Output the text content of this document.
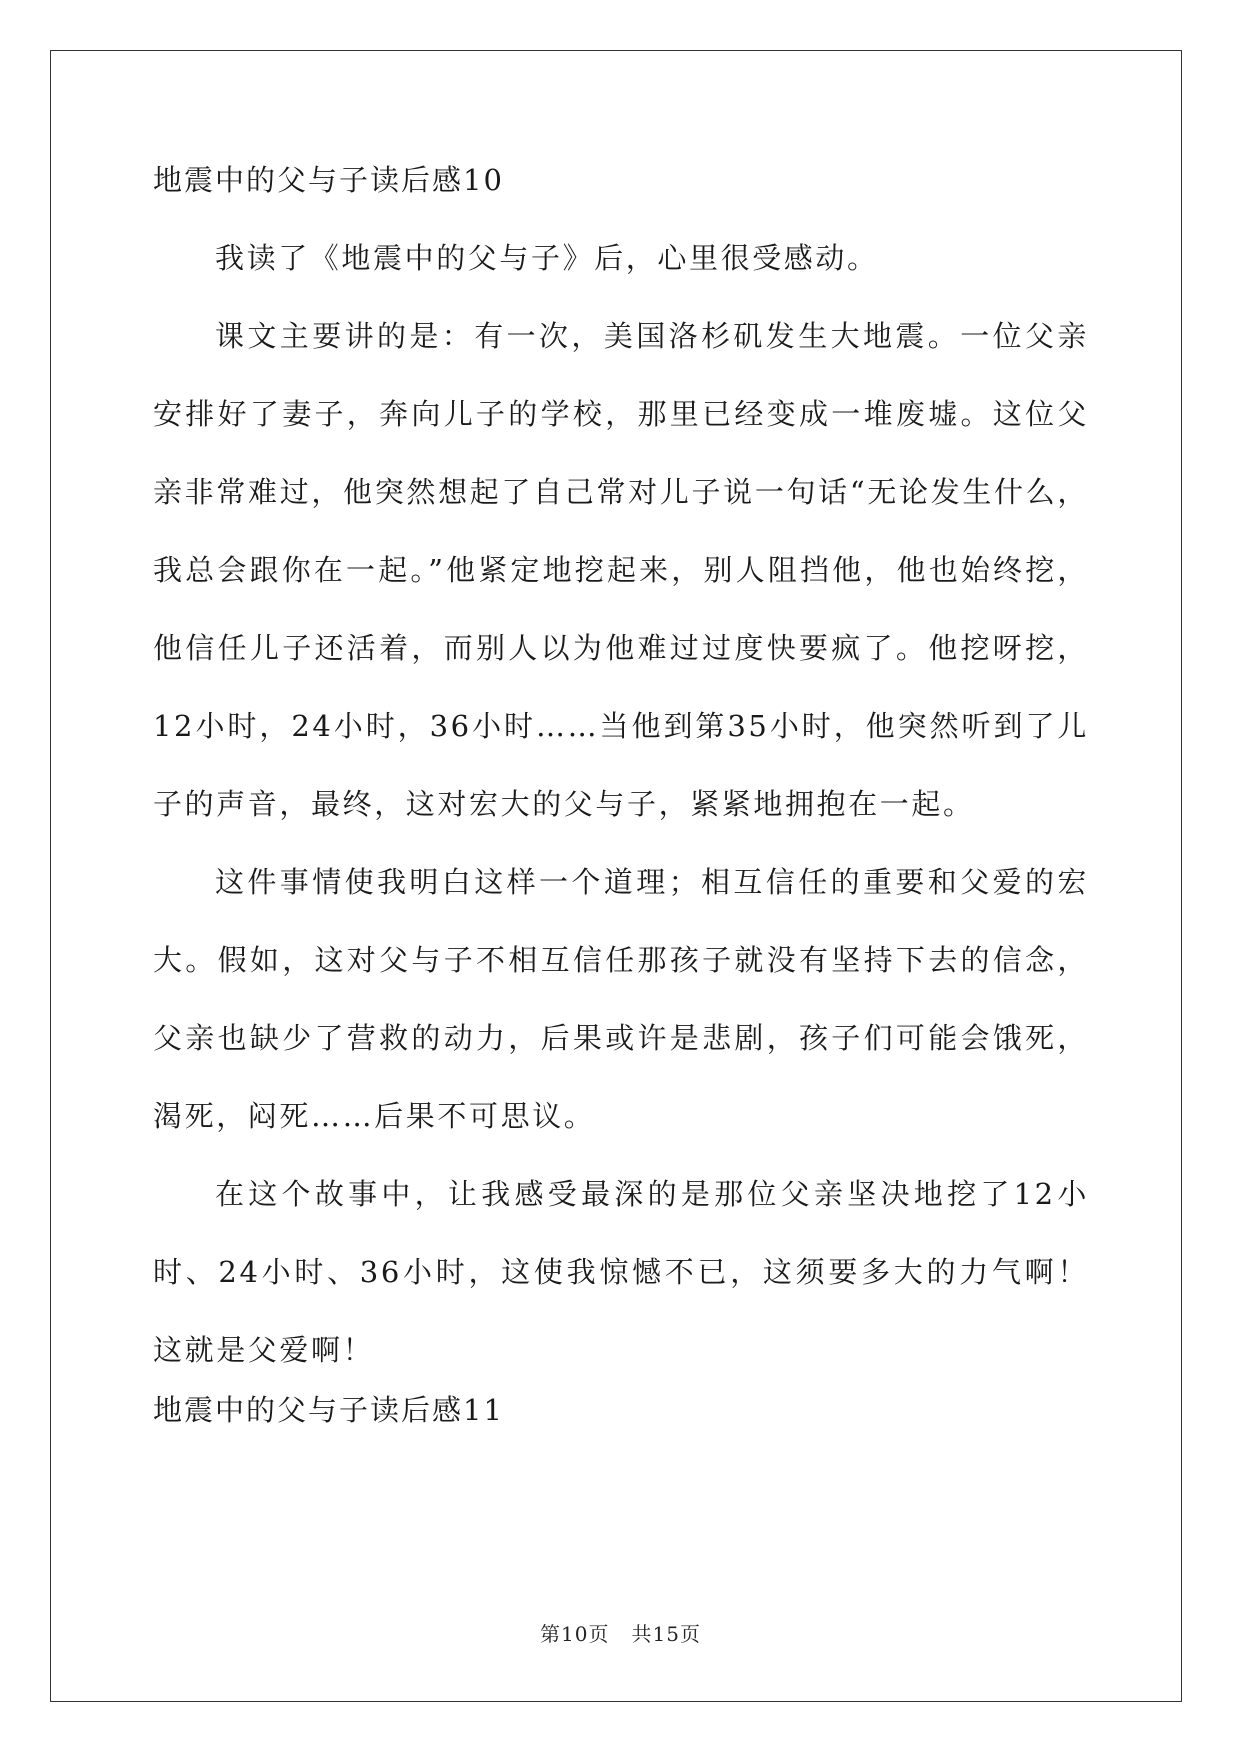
地震中的父与子读后感10

我读了《地震中的父与子》后，心里很受感动。

课文主要讲的是：有一次，美国洛杉矶发生大地震。一位父亲安排好了妻子，奔向儿子的学校，那里已经变成一堆废墟。这位父亲非常难过，他突然想起了自己常对儿子说一句话“无论发生什么，我总会跟你在一起。”他紧定地挖起来，别人阻挡他，他也始终挖，他信任儿子还活着，而别人以为他难过过度快要疯了。他挖呀挖，12小时，24小时，36小时……当他到第35小时，他突然听到了儿子的声音，最终，这对宏大的父与子，紧紧地拥抱在一起。

这件事情使我明白这样一个道理；相互信任的重要和父爱的宏大。假如，这对父与子不相互信任那孩子就没有坚持下去的信念，父亲也缺少了营救的动力，后果或许是悲剧，孩子们可能会饿死，渴死，闷死……后果不可思议。

在这个故事中，让我感受最深的是那位父亲坚决地挖了12小时、24小时、36小时，这使我惊憾不已，这须要多大的力气啊！这就是父爱啊！

地震中的父与子读后感11
第10页 共15页
